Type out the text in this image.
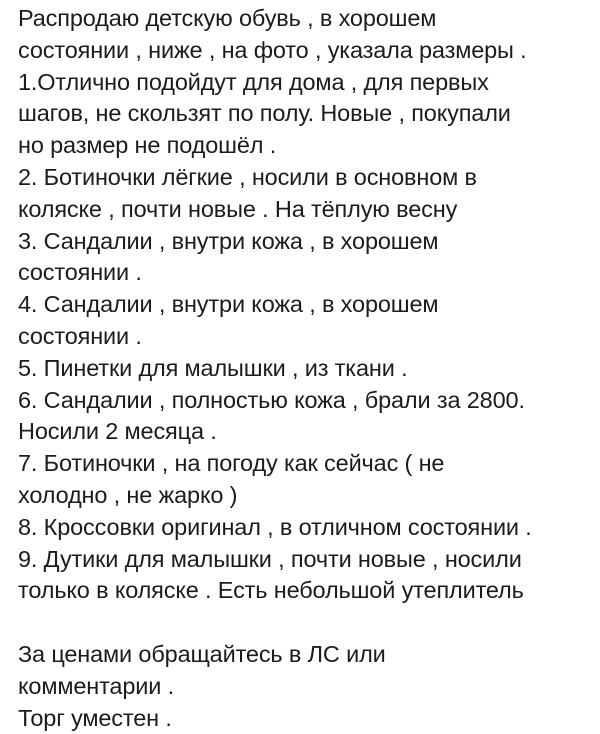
Распродаю детскую обувь , в хорошем
состоянии , ниже , на фото , указала размеры .
1.Отлично подойдут для дома , для первых
шагов, не скользят по полу. Новые , покупали
но размер не подошёл .
2. Ботиночки лёгкие , носили в основном в
коляске , почти новые . На тёплую весну
3. Сандалии , внутри кожа , в хорошем
состоянии .
4. Сандалии , внутри кожа , в хорошем
состоянии .
5. Пинетки для малышки , из ткани .
6. Сандалии , полностью кожа , брали за 2800.
Носили 2 месяца .
7. Ботиночки , на погоду как сейчас ( не
холодно , не жарко )
8. Кроссовки оригинал , в отличном состоянии .
9. Дутики для малышки , почти новые , носили
только в коляске . Есть небольшой утеплитель
За ценами обращайтесь в ЛС или
комментарии .
Торг уместен .
